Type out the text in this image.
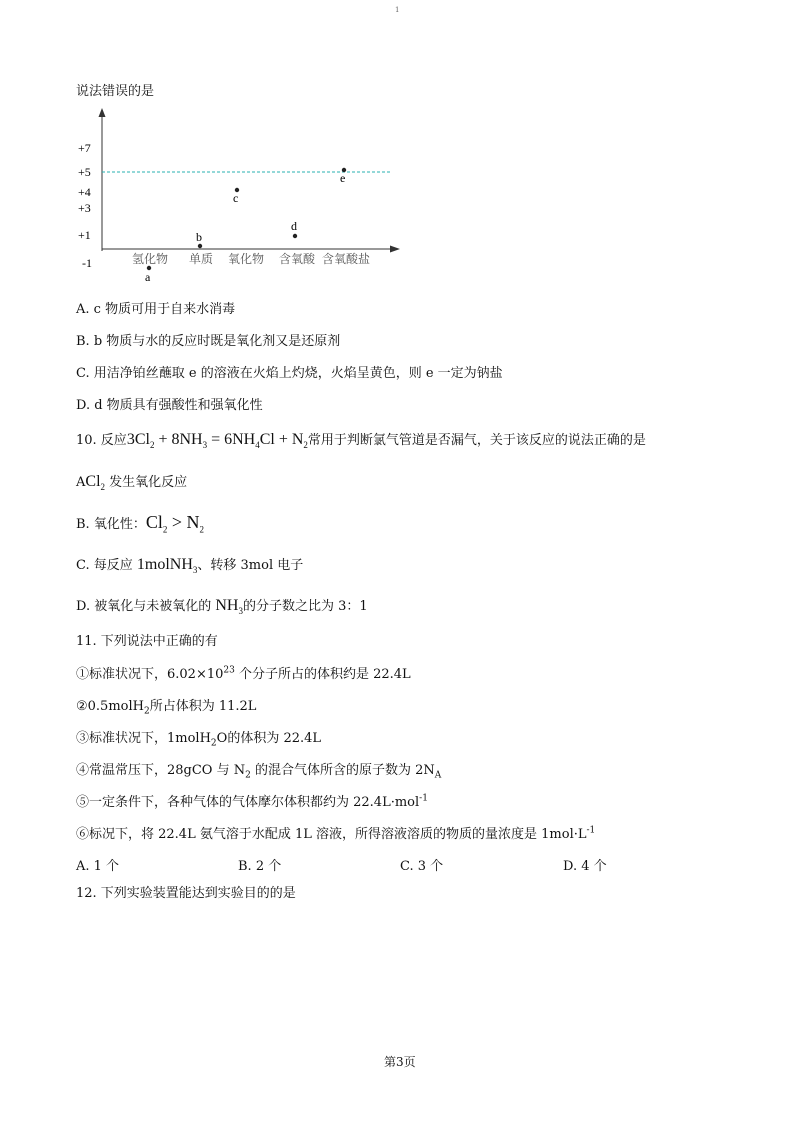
1
说法错误的是
+7
+5
+4
+3
+1
-1	氢化物 单质 氧化物 含氧酸 含氧酸盐
a
b
c
d
e
A. c 物质可用于自来水消毒
B. b 物质与水的反应时既是氧化剂又是还原剂
C. 用洁净铂丝蘸取 e 的溶液在火焰上灼烧，火焰呈黄色，则 e 一定为钠盐
D. d 物质具有强酸性和强氧化性
10. 反应$3Cl_2 + 8NH_3 = 6NH_4Cl + N_2$常用于判断氯气管道是否漏气，关于该反应的说法正确的是
ACl$_2$ 发生氧化反应
B. 氧化性：$Cl_2 > N_2$
C. 每反应 1molNH$_3$、转移 3mol 电子
D. 被氧化与未被氧化的 $NH_3$的分子数之比为 3：1
11. 下列说法中正确的有
①标准状况下，$6.02\times 10^{23}$ 个分子所占的体积约是 22.4L
②0.5molH$_2$所占体积为 11.2L
③标准状况下，1molH$_2$O的体积为 22.4L
④常温常压下，28gCO 与 $N_2$ 的混合气体所含的原子数为 $2N_A$
⑤一定条件下，各种气体的气体摩尔体积都约为 22.4L·mol$^{-1}$
⑥标况下，将 22.4L 氨气溶于水配成 1L 溶液，所得溶液溶质的物质的量浓度是 $1mol\cdot L^{-1}$
A. 1 个	B. 2 个	C. 3 个	D. 4 个
12. 下列实验装置能达到实验目的的是
第3页
